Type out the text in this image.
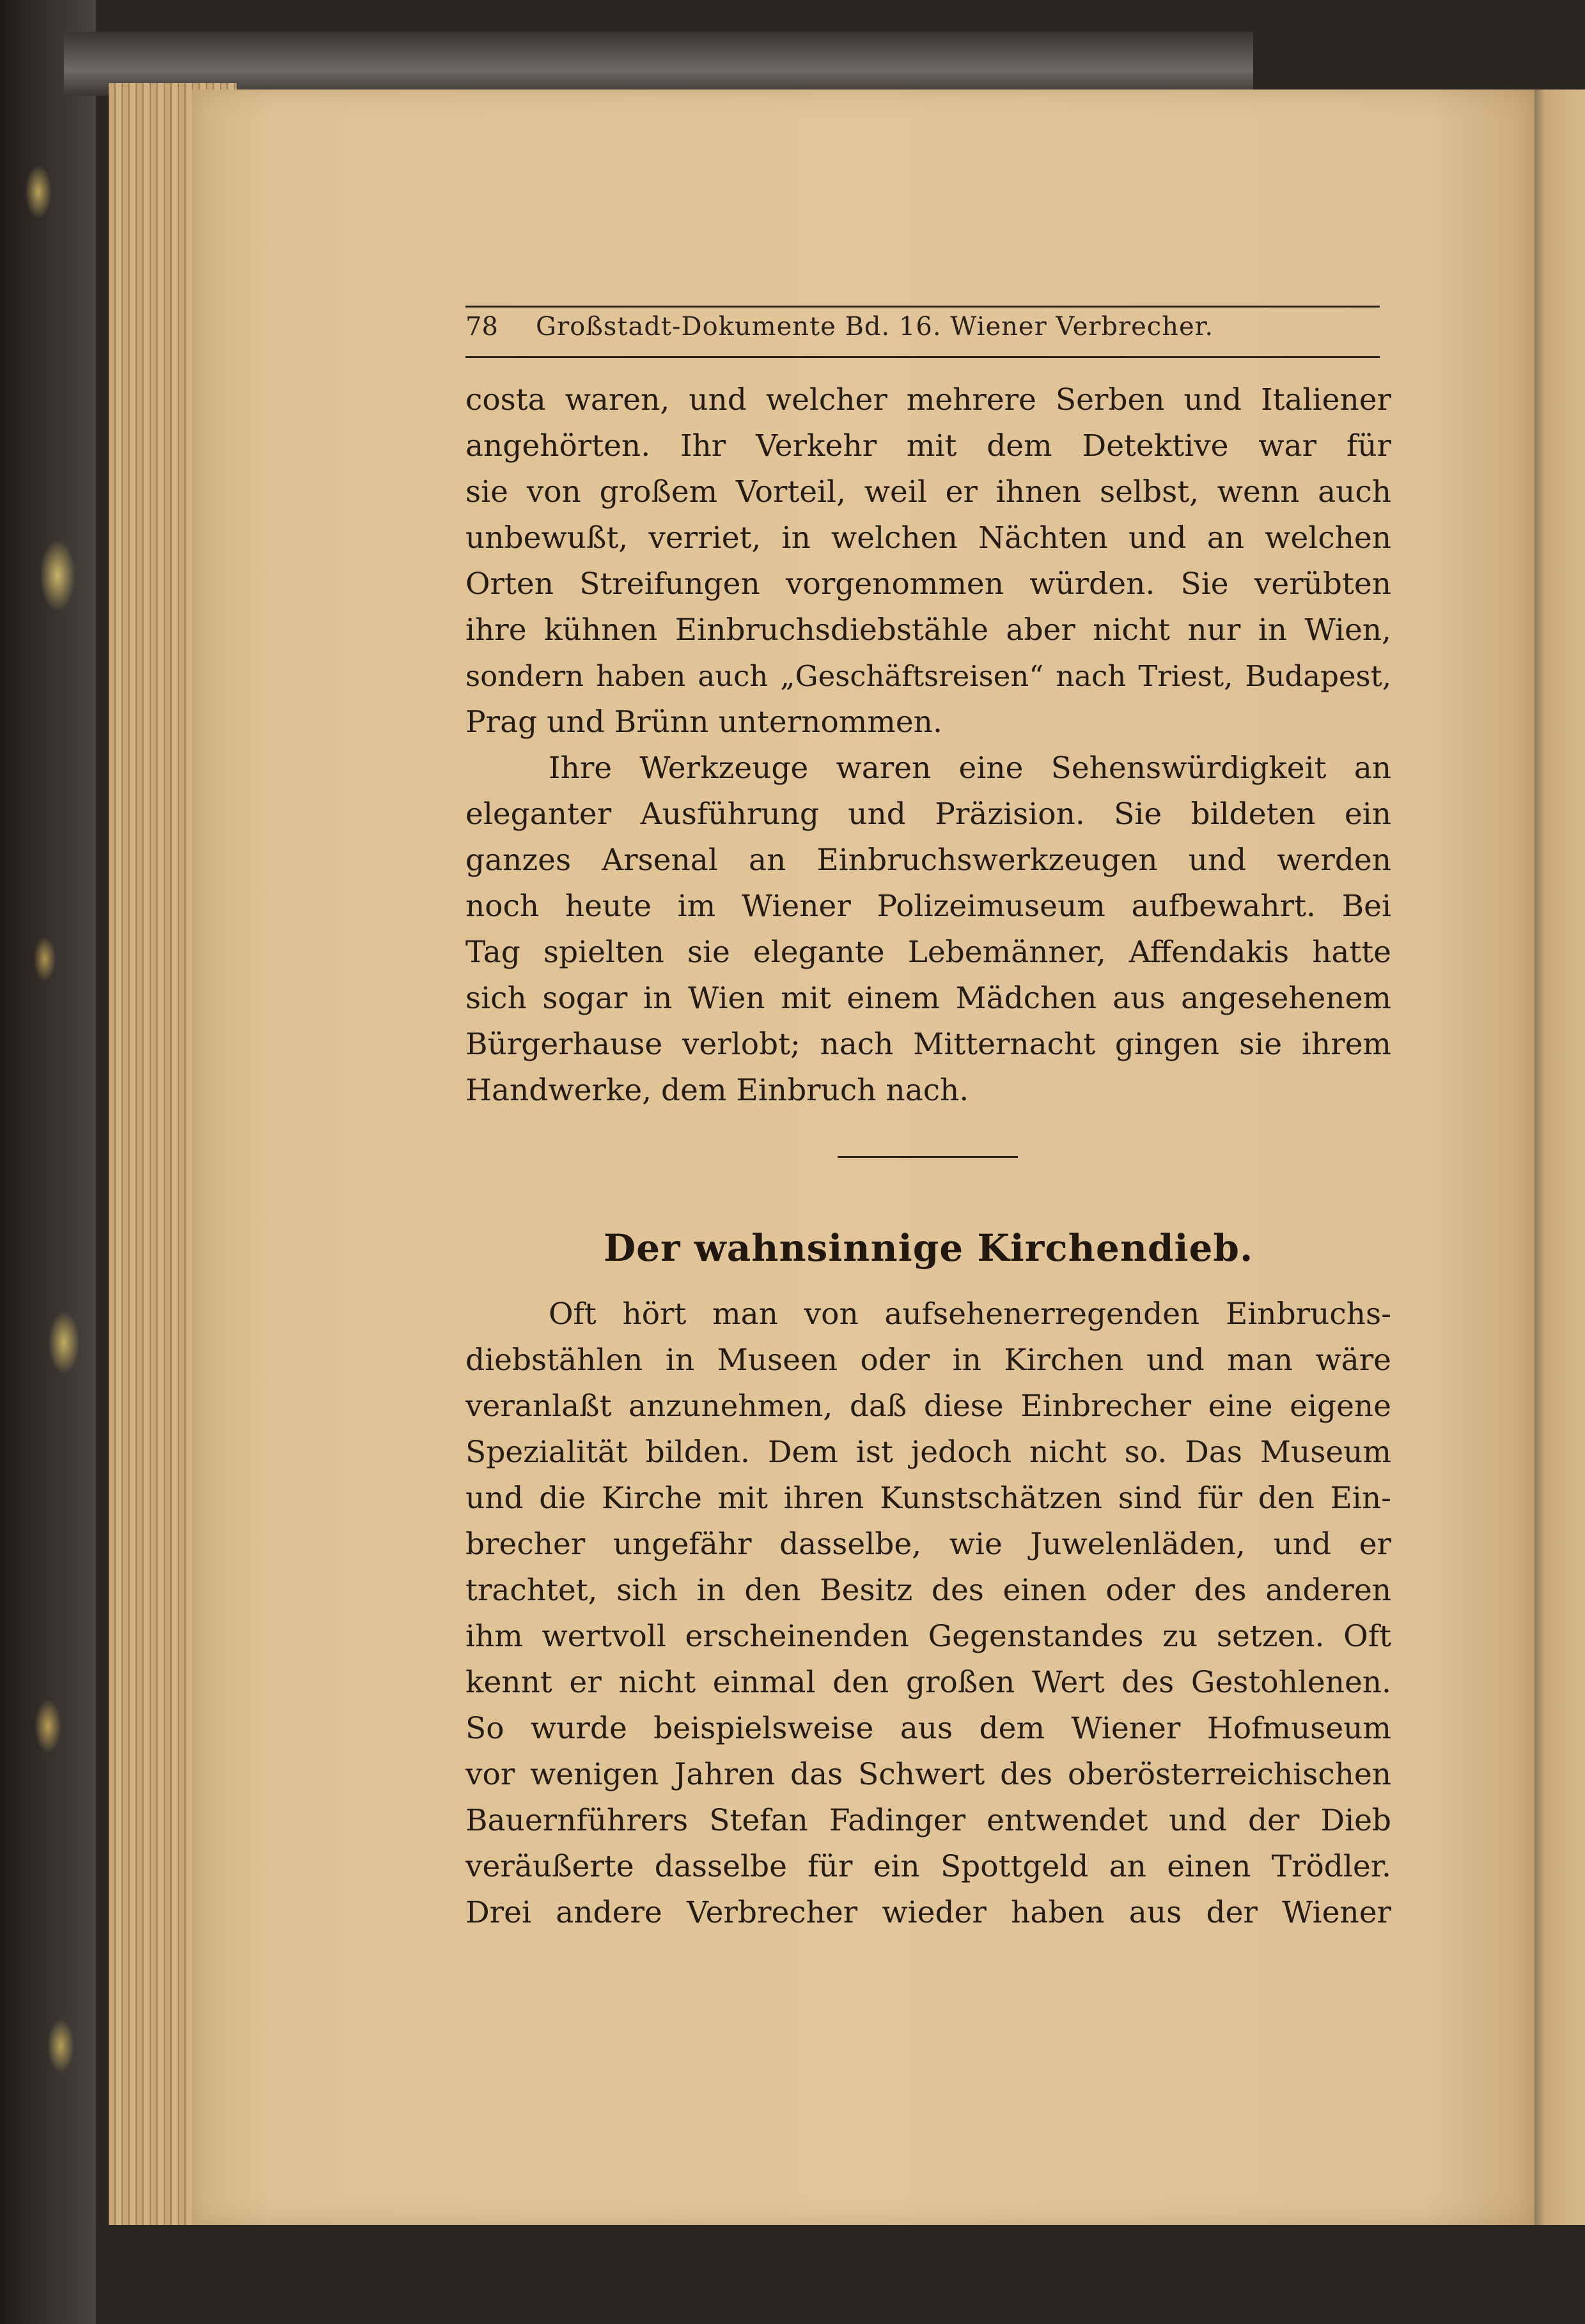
78 Großstadt-Dokumente Bd. 16. Wiener Verbrecher.
costa waren, und welcher mehrere Serben und Italiener
angehörten. Ihr Verkehr mit dem Detektive war für
sie von großem Vorteil, weil er ihnen selbst, wenn auch
unbewußt, verriet, in welchen Nächten und an welchen
Orten Streifungen vorgenommen würden. Sie verübten
ihre kühnen Einbruchsdiebstähle aber nicht nur in Wien,
sondern haben auch „Geschäftsreisen“ nach Triest, Budapest,
Prag und Brünn unternommen.
Ihre Werkzeuge waren eine Sehenswürdigkeit an
eleganter Ausführung und Präzision. Sie bildeten ein
ganzes Arsenal an Einbruchswerkzeugen und werden
noch heute im Wiener Polizeimuseum aufbewahrt. Bei
Tag spielten sie elegante Lebemänner, Affendakis hatte
sich sogar in Wien mit einem Mädchen aus angesehenem
Bürgerhause verlobt; nach Mitternacht gingen sie ihrem
Handwerke, dem Einbruch nach.
Der wahnsinnige Kirchendieb.
Oft hört man von aufsehenerregenden Einbruchs-
diebstählen in Museen oder in Kirchen und man wäre
veranlaßt anzunehmen, daß diese Einbrecher eine eigene
Spezialität bilden. Dem ist jedoch nicht so. Das Museum
und die Kirche mit ihren Kunstschätzen sind für den Ein-
brecher ungefähr dasselbe, wie Juwelenläden, und er
trachtet, sich in den Besitz des einen oder des anderen
ihm wertvoll erscheinenden Gegenstandes zu setzen. Oft
kennt er nicht einmal den großen Wert des Gestohlenen.
So wurde beispielsweise aus dem Wiener Hofmuseum
vor wenigen Jahren das Schwert des oberösterreichischen
Bauernführers Stefan Fadinger entwendet und der Dieb
veräußerte dasselbe für ein Spottgeld an einen Trödler.
Drei andere Verbrecher wieder haben aus der Wiener
